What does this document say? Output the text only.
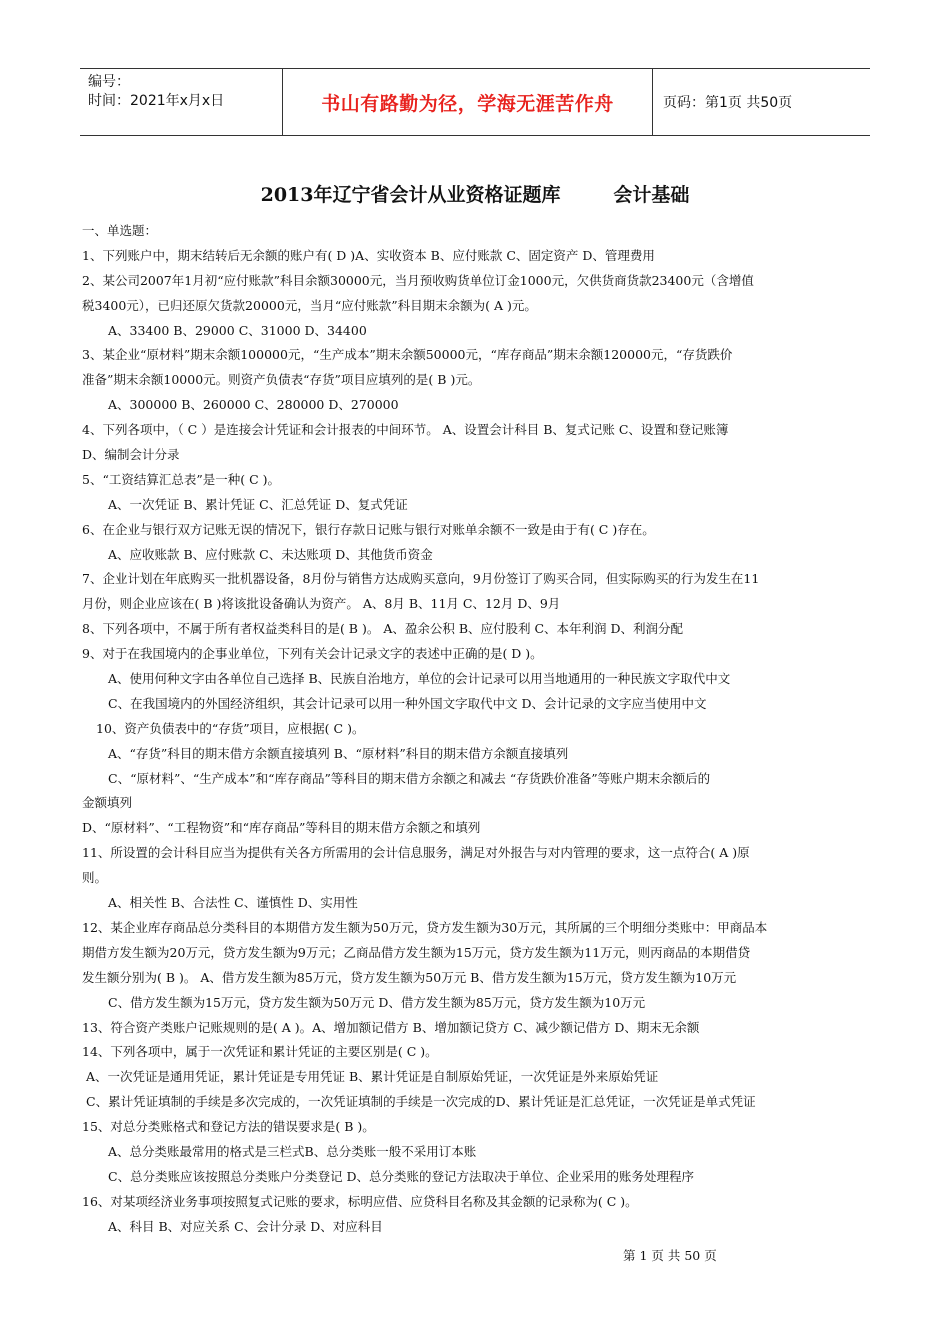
编号：
时间：2021年x月x日	书山有路勤为径，学海无涯苦作舟	页码：第1页 共50页
2013年辽宁省会计从业资格证题库        会计基础
一、单选题：
1、下列账户中，期末结转后无余额的账户有( D )A、实收资本 B、应付账款 C、固定资产 D、管理费用
2、某公司2007年1月初“应付账款”科目余额30000元，当月预收购货单位订金1000元，欠供货商货款23400元（含增值
税3400元），已归还原欠货款20000元，当月“应付账款”科目期末余额为( A )元。
A、33400 B、29000 C、31000 D、34400
3、某企业“原材料”期末余额100000元，“生产成本”期末余额50000元，“库存商品”期末余额120000元，“存货跌价
准备”期末余额10000元。则资产负债表“存货”项目应填列的是( B )元。
A、300000 B、260000 C、280000 D、270000
4、下列各项中，（ C ）是连接会计凭证和会计报表的中间环节。 A、设置会计科目 B、复式记账 C、设置和登记账簿
D、编制会计分录
5、“工资结算汇总表”是一种( C )。
A、一次凭证 B、累计凭证 C、汇总凭证 D、复式凭证
6、在企业与银行双方记账无误的情况下，银行存款日记账与银行对账单余额不一致是由于有( C )存在。
A、应收账款 B、应付账款 C、未达账项 D、其他货币资金
7、企业计划在年底购买一批机器设备，8月份与销售方达成购买意向，9月份签订了购买合同，但实际购买的行为发生在11
月份，则企业应该在( B )将该批设备确认为资产。 A、8月 B、11月 C、12月 D、9月
8、下列各项中，不属于所有者权益类科目的是( B )。 A、盈余公积 B、应付股利 C、本年利润 D、利润分配
9、对于在我国境内的企事业单位，下列有关会计记录文字的表述中正确的是( D )。
A、使用何种文字由各单位自己选择 B、民族自治地方，单位的会计记录可以用当地通用的一种民族文字取代中文
C、在我国境内的外国经济组织，其会计记录可以用一种外国文字取代中文 D、会计记录的文字应当使用中文
10、资产负债表中的“存货”项目，应根据( C )。
A、“存货”科目的期末借方余额直接填列 B、“原材料”科目的期末借方余额直接填列
C、“原材料”、“生产成本”和“库存商品”等科目的期末借方余额之和减去 “存货跌价准备”等账户期末余额后的
金额填列
D、“原材料”、“工程物资”和“库存商品”等科目的期末借方余额之和填列
11、所设置的会计科目应当为提供有关各方所需用的会计信息服务，满足对外报告与对内管理的要求，这一点符合( A )原
则。
A、相关性 B、合法性 C、谨慎性 D、实用性
12、某企业库存商品总分类科目的本期借方发生额为50万元，贷方发生额为30万元，其所属的三个明细分类账中：甲商品本
期借方发生额为20万元，贷方发生额为9万元；乙商品借方发生额为15万元，贷方发生额为11万元，则丙商品的本期借贷
发生额分别为( B )。 A、借方发生额为85万元，贷方发生额为50万元 B、借方发生额为15万元，贷方发生额为10万元
C、借方发生额为15万元，贷方发生额为50万元 D、借方发生额为85万元，贷方发生额为10万元
13、符合资产类账户记账规则的是( A )。A、增加额记借方 B、增加额记贷方 C、减少额记借方 D、期末无余额
14、下列各项中，属于一次凭证和累计凭证的主要区别是( C )。
A、一次凭证是通用凭证，累计凭证是专用凭证 B、累计凭证是自制原始凭证，一次凭证是外来原始凭证
C、累计凭证填制的手续是多次完成的，一次凭证填制的手续是一次完成的D、累计凭证是汇总凭证，一次凭证是单式凭证
15、对总分类账格式和登记方法的错误要求是( B )。
A、总分类账最常用的格式是三栏式B、总分类账一般不采用订本账
C、总分类账应该按照总分类账户分类登记 D、总分类账的登记方法取决于单位、企业采用的账务处理程序
16、对某项经济业务事项按照复式记账的要求，标明应借、应贷科目名称及其金额的记录称为( C )。
A、科目 B、对应关系 C、会计分录 D、对应科目
第 1 页 共 50 页
